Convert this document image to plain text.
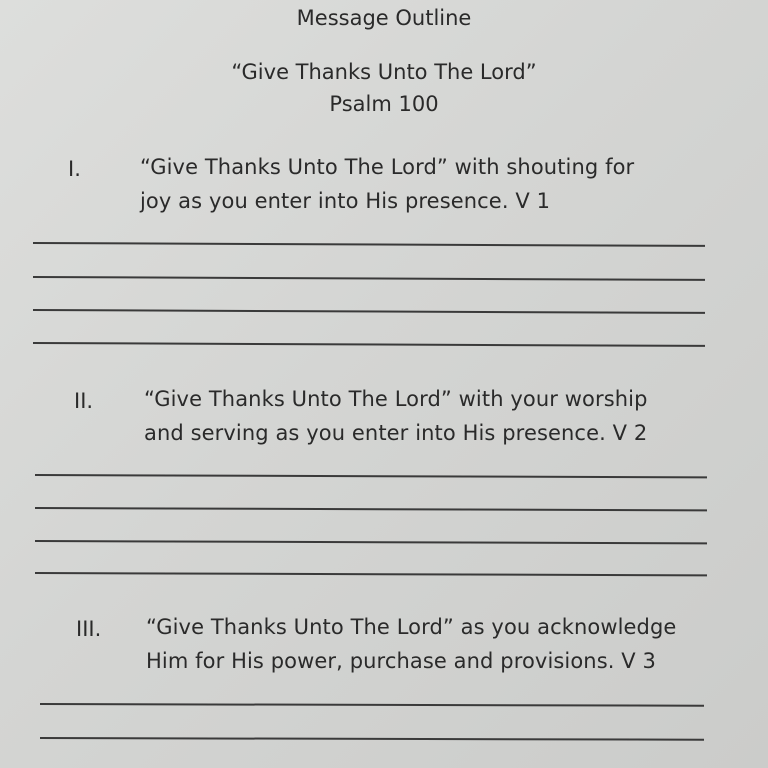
Message Outline
“Give Thanks Unto The Lord”
Psalm 100
I.	“Give Thanks Unto The Lord” with shouting for
joy as you enter into His presence. V 1
II. “Give Thanks Unto The Lord” with your worship
and serving as you enter into His presence. V 2
III. “Give Thanks Unto The Lord” as you acknowledge
Him for His power, purchase and provisions. V 3
